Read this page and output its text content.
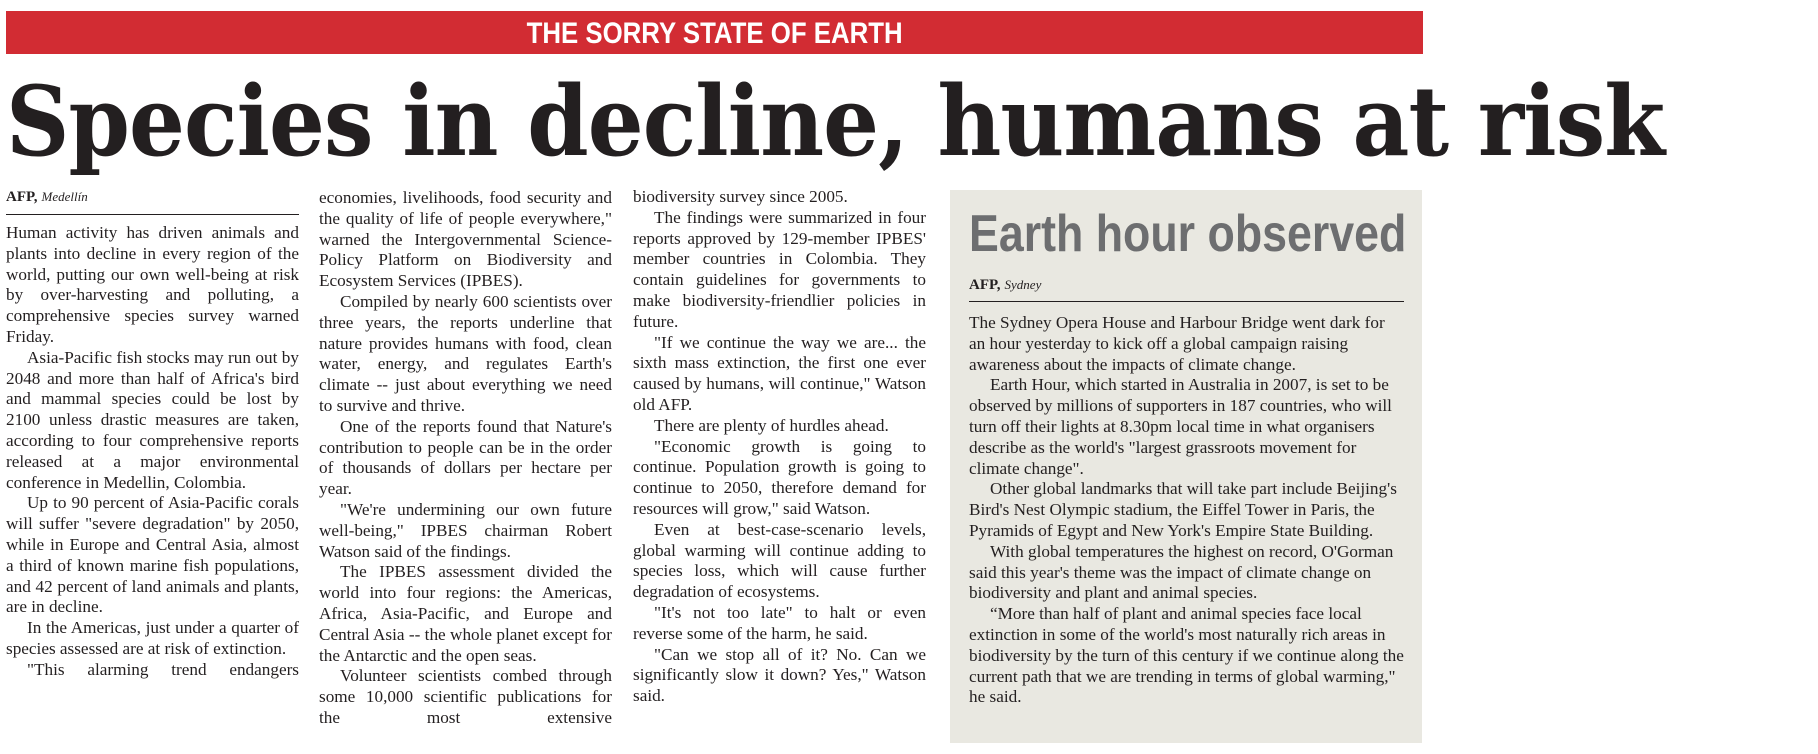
THE SORRY STATE OF EARTH
Species in decline, humans at risk
AFP, Medellín

Human activity has driven animals and plants into decline in every region of the world, putting our own well-being at risk by over-harvesting and polluting, a comprehensive species survey warned Friday.

Asia-Pacific fish stocks may run out by 2048 and more than half of Africa's bird and mammal species could be lost by 2100 unless drastic measures are taken, according to four comprehensive reports released at a major environmental conference in Medellin, Colombia.

Up to 90 percent of Asia-Pacific corals will suffer "severe degradation" by 2050, while in Europe and Central Asia, almost a third of known marine fish populations, and 42 percent of land animals and plants, are in decline.

In the Americas, just under a quarter of species assessed are at risk of extinction.

"This alarming trend endangers

economies, livelihoods, food security and the quality of life of people everywhere," warned the Intergovernmental Science-Policy Platform on Biodiversity and Ecosystem Services (IPBES).

Compiled by nearly 600 scientists over three years, the reports underline that nature provides humans with food, clean water, energy, and regulates Earth's climate -- just about everything we need to survive and thrive.

One of the reports found that Nature's contribution to people can be in the order of thousands of dollars per hectare per year.

"We're undermining our own future well-being," IPBES chairman Robert Watson said of the findings.

The IPBES assessment divided the world into four regions: the Americas, Africa, Asia-Pacific, and Europe and Central Asia -- the whole planet except for the Antarctic and the open seas.

Volunteer scientists combed through some 10,000 scientific publications for the most extensive

biodiversity survey since 2005.

The findings were summarized in four reports approved by 129-member IPBES' member countries in Colombia. They contain guidelines for governments to make biodiversity-friendlier policies in future.

"If we continue the way we are... the sixth mass extinction, the first one ever caused by humans, will continue," Watson old AFP.

There are plenty of hurdles ahead.

"Economic growth is going to continue. Population growth is going to continue to 2050, therefore demand for resources will grow," said Watson.

Even at best-case-scenario levels, global warming will continue adding to species loss, which will cause further degradation of ecosystems.

"It's not too late" to halt or even reverse some of the harm, he said.

"Can we stop all of it? No. Can we significantly slow it down? Yes," Watson said.

Earth hour observed
AFP, Sydney

The Sydney Opera House and Harbour Bridge went dark for an hour yesterday to kick off a global campaign raising awareness about the impacts of climate change.

Earth Hour, which started in Australia in 2007, is set to be observed by millions of supporters in 187 countries, who will turn off their lights at 8.30pm local time in what organisers describe as the world's "largest grassroots movement for climate change".

Other global landmarks that will take part include Beijing's Bird's Nest Olympic stadium, the Eiffel Tower in Paris, the Pyramids of Egypt and New York's Empire State Building.

With global temperatures the highest on record, O'Gorman said this year's theme was the impact of climate change on biodiversity and plant and animal species.

“More than half of plant and animal species face local extinction in some of the world's most naturally rich areas in biodiversity by the turn of this century if we continue along the current path that we are trending in terms of global warming," he said.
